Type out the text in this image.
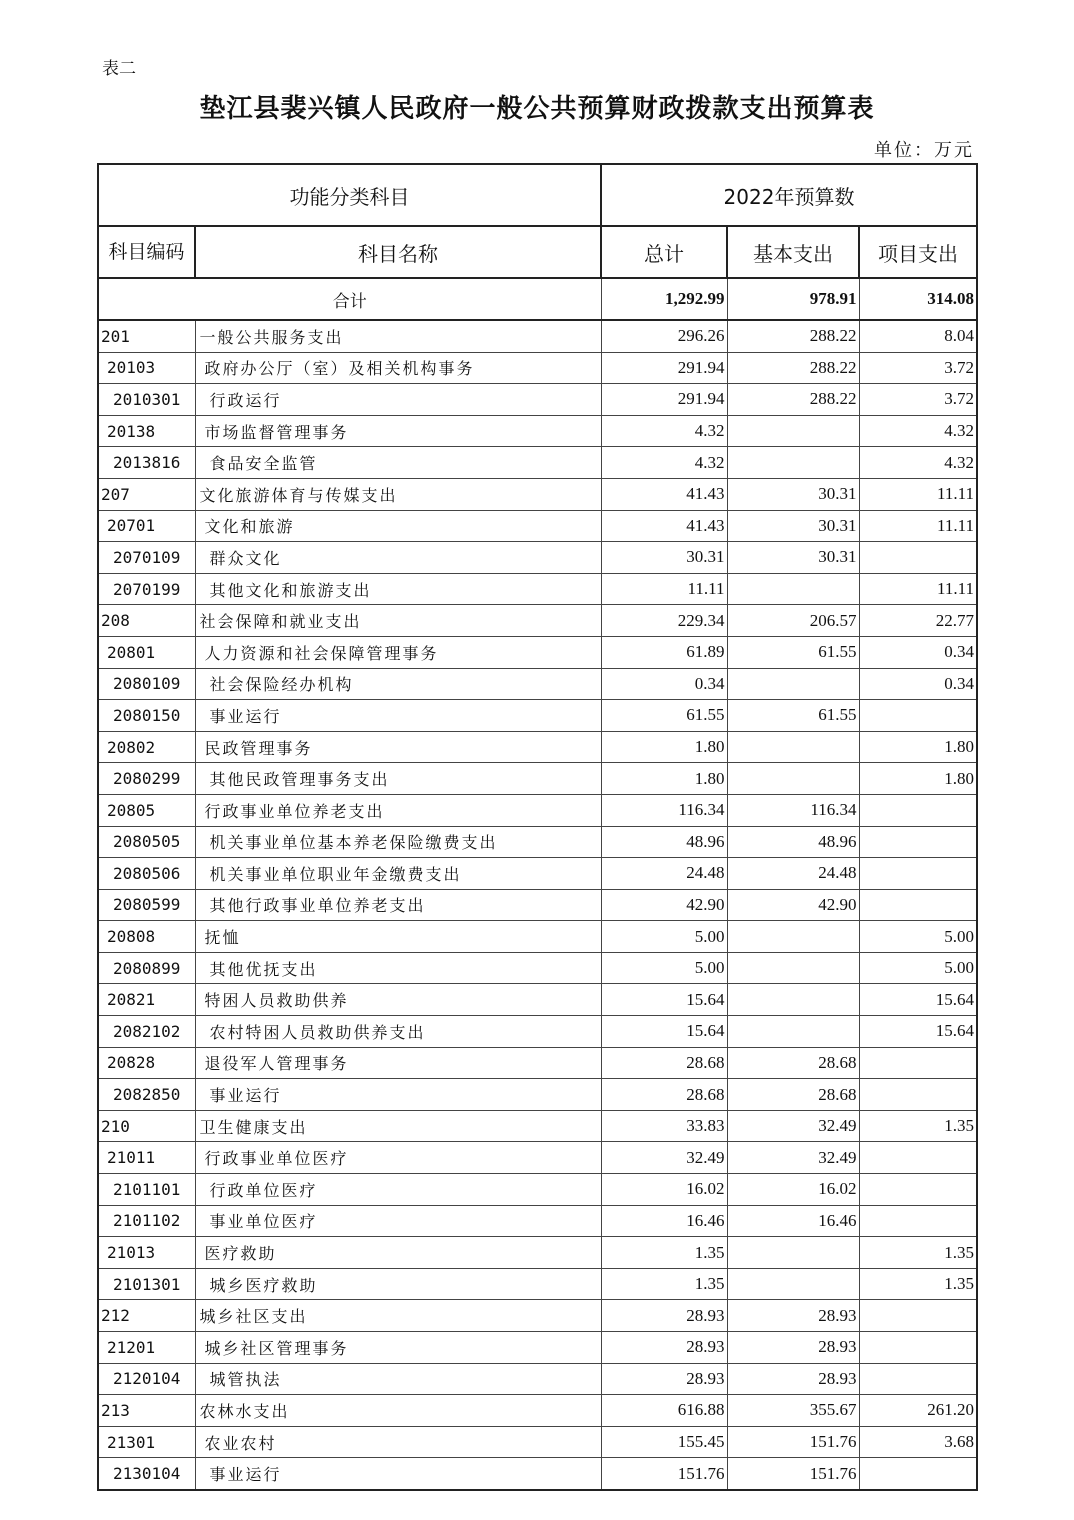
表二
垫江县裴兴镇人民政府一般公共预算财政拨款支出预算表
单位：万元
功能分类科目		2022年预算数		
科目编码	科目名称	总计	基本支出	项目支出
合计		1,292.99	978.91	314.08
201	一般公共服务支出	296.26	288.22	8.04
20103	政府办公厅（室）及相关机构事务	291.94	288.22	3.72
2010301	行政运行	291.94	288.22	3.72
20138	市场监督管理事务	4.32		4.32
2013816	食品安全监管	4.32		4.32
207	文化旅游体育与传媒支出	41.43	30.31	11.11
20701	文化和旅游	41.43	30.31	11.11
2070109	群众文化	30.31	30.31	
2070199	其他文化和旅游支出	11.11		11.11
208	社会保障和就业支出	229.34	206.57	22.77
20801	人力资源和社会保障管理事务	61.89	61.55	0.34
2080109	社会保险经办机构	0.34		0.34
2080150	事业运行	61.55	61.55	
20802	民政管理事务	1.80		1.80
2080299	其他民政管理事务支出	1.80		1.80
20805	行政事业单位养老支出	116.34	116.34	
2080505	机关事业单位基本养老保险缴费支出	48.96	48.96	
2080506	机关事业单位职业年金缴费支出	24.48	24.48	
2080599	其他行政事业单位养老支出	42.90	42.90	
20808	抚恤	5.00		5.00
2080899	其他优抚支出	5.00		5.00
20821	特困人员救助供养	15.64		15.64
2082102	农村特困人员救助供养支出	15.64		15.64
20828	退役军人管理事务	28.68	28.68	
2082850	事业运行	28.68	28.68	
210	卫生健康支出	33.83	32.49	1.35
21011	行政事业单位医疗	32.49	32.49	
2101101	行政单位医疗	16.02	16.02	
2101102	事业单位医疗	16.46	16.46	
21013	医疗救助	1.35		1.35
2101301	城乡医疗救助	1.35		1.35
212	城乡社区支出	28.93	28.93	
21201	城乡社区管理事务	28.93	28.93	
2120104	城管执法	28.93	28.93	
213	农林水支出	616.88	355.67	261.20
21301	农业农村	155.45	151.76	3.68
2130104	事业运行	151.76	151.76	
